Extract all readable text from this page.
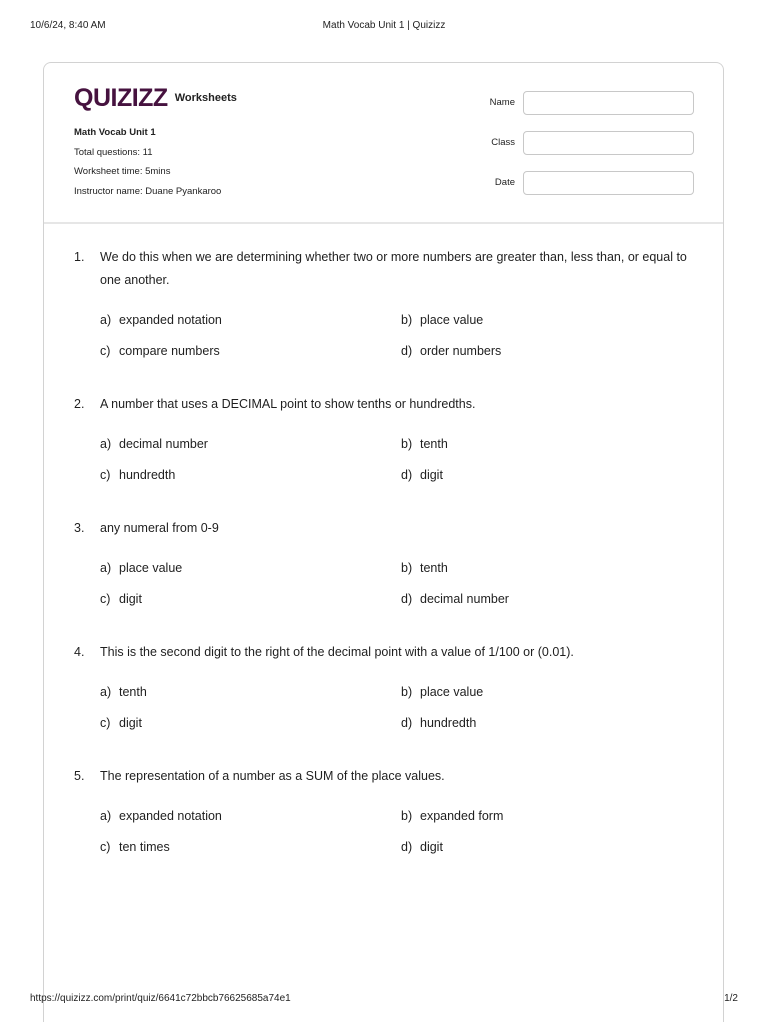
10/6/24, 8:40 AM	Math Vocab Unit 1 | Quizizz
QUIZIZZ Worksheets
Math Vocab Unit 1
Total questions: 11
Worksheet time: 5mins
Instructor name: Duane Pyankaroo
Name
Class
Date
1. We do this when we are determining whether two or more numbers are greater than, less than, or equal to one another.
a) expanded notation	b) place value
c) compare numbers	d) order numbers
2. A number that uses a DECIMAL point to show tenths or hundredths.
a) decimal number	b) tenth
c) hundredth	d) digit
3. any numeral from 0-9
a) place value	b) tenth
c) digit	d) decimal number
4. This is the second digit to the right of the decimal point with a value of 1/100 or (0.01).
a) tenth	b) place value
c) digit	d) hundredth
5. The representation of a number as a SUM of the place values.
a) expanded notation	b) expanded form
c) ten times	d) digit
https://quizizz.com/print/quiz/6641c72bbcb76625685a74e1	1/2
